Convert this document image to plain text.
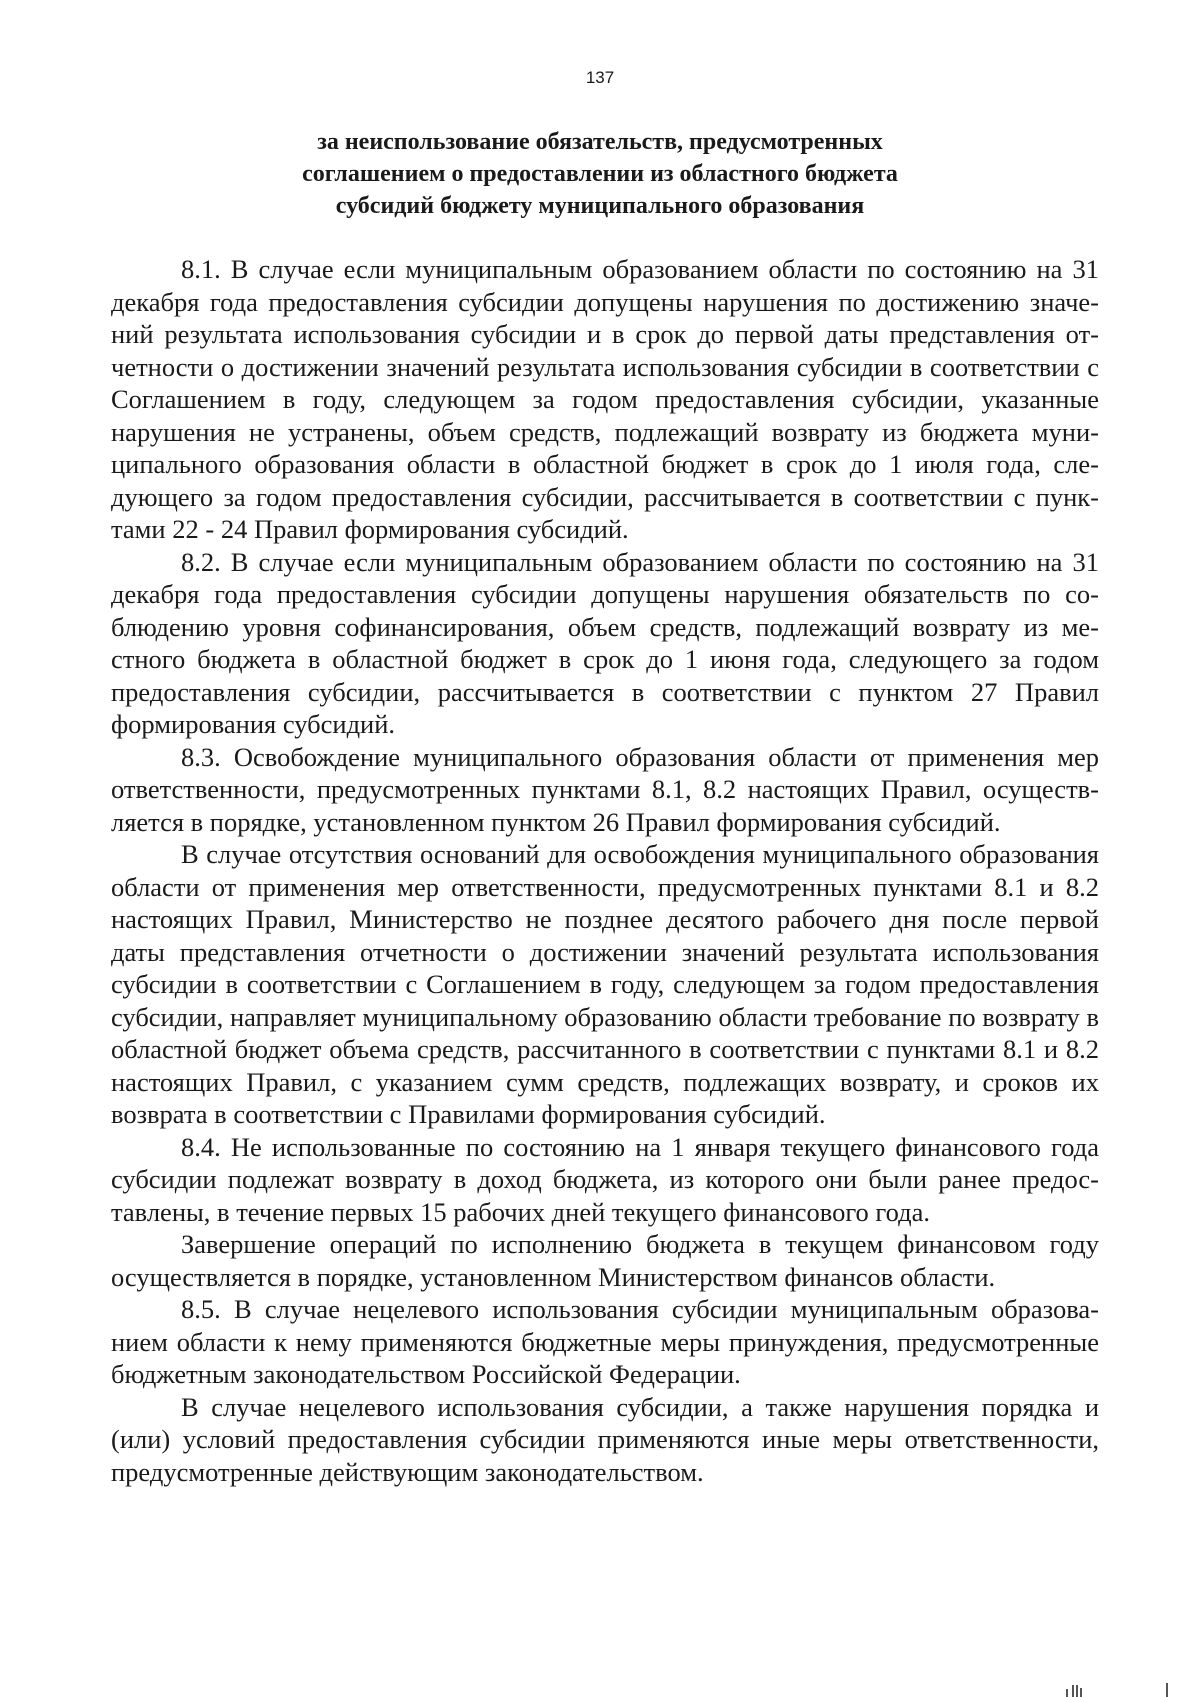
137
за неиспользование обязательств, предусмотренных
соглашением о предоставлении из областного бюджета
субсидий бюджету муниципального образования

8.1. В случае если муниципальным образованием области по состоянию на 31 декабря года предоставления субсидии допущены нарушения по достижению значений результата использования субсидии и в срок до первой даты представления отчетности о достижении значений результата использования субсидии в соответствии с Соглашением в году, следующем за годом предоставления субсидии, указанные нарушения не устранены, объем средств, подлежащий возврату из бюджета муниципального образования области в областной бюджет в срок до 1 июля года, следующего за годом предоставления субсидии, рассчитывается в соответствии с пунктами 22 - 24 Правил формирования субсидий.

8.2. В случае если муниципальным образованием области по состоянию на 31 декабря года предоставления субсидии допущены нарушения обязательств по соблюдению уровня софинансирования, объем средств, подлежащий возврату из местного бюджета в областной бюджет в срок до 1 июня года, следующего за годом предоставления субсидии, рассчитывается в соответствии с пунктом 27 Правил формирования субсидий.

8.3. Освобождение муниципального образования области от применения мер ответственности, предусмотренных пунктами 8.1, 8.2 настоящих Правил, осуществляется в порядке, установленном пунктом 26 Правил формирования субсидий.

В случае отсутствия оснований для освобождения муниципального образования области от применения мер ответственности, предусмотренных пунктами 8.1 и 8.2 настоящих Правил, Министерство не позднее десятого рабочего дня после первой даты представления отчетности о достижении значений результата использования субсидии в соответствии с Соглашением в году, следующем за годом предоставления субсидии, направляет муниципальному образованию области требование по возврату в областной бюджет объема средств, рассчитанного в соответствии с пунктами 8.1 и 8.2 настоящих Правил, с указанием сумм средств, подлежащих возврату, и сроков их возврата в соответствии с Правилами формирования субсидий.

8.4. Не использованные по состоянию на 1 января текущего финансового года субсидии подлежат возврату в доход бюджета, из которого они были ранее предоставлены, в течение первых 15 рабочих дней текущего финансового года.

Завершение операций по исполнению бюджета в текущем финансовом году осуществляется в порядке, установленном Министерством финансов области.

8.5. В случае нецелевого использования субсидии муниципальным образованием области к нему применяются бюджетные меры принуждения, предусмотренные бюджетным законодательством Российской Федерации.

В случае нецелевого использования субсидии, а также нарушения порядка и (или) условий предоставления субсидии применяются иные меры ответственности, предусмотренные действующим законодательством.
